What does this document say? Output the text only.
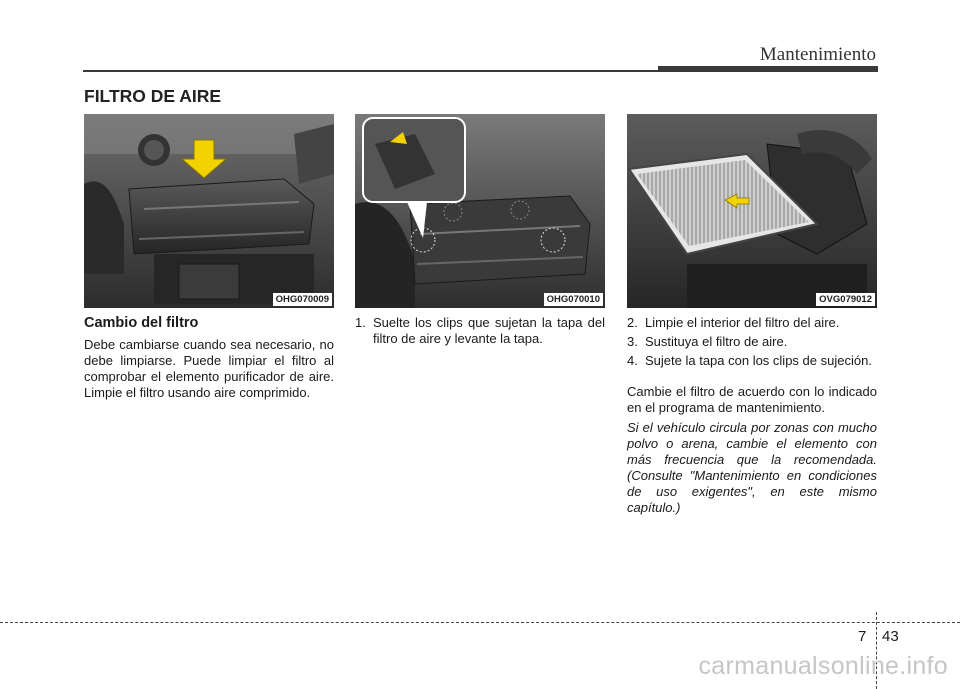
Mantenimiento
FILTRO DE AIRE
OHG070009	OHG070010	OVG079012
Cambio del filtro

Debe cambiarse cuando sea necesario, no debe limpiarse. Puede limpiar el filtro al comprobar el elemento purificador de aire. Limpie el filtro usando aire comprimido.

1. Suelte los clips que sujetan la tapa del filtro de aire y levante la tapa.
2. Limpie el interior del filtro del aire.
3. Sustituya el filtro de aire.
4. Sujete la tapa con los clips de sujeción.

Cambie el filtro de acuerdo con lo indicado en el programa de mantenimiento.

Si el vehículo circula por zonas con mucho polvo o arena, cambie el elemento con más frecuencia que la recomendada. (Consulte "Mantenimiento en condiciones de uso exigentes", en este mismo capítulo.)

7 43
carmanualsonline.info
